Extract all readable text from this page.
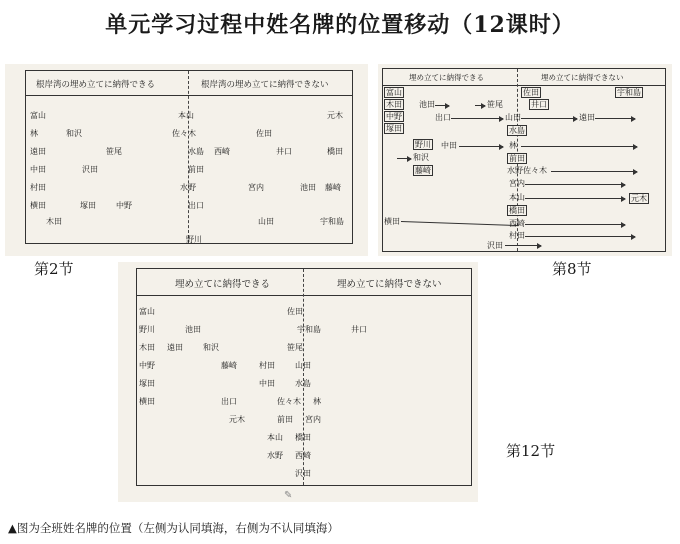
单元学习过程中姓名牌的位置移动（12课时）
根岸湾の埋め立てに納得できる	根岸湾の埋め立てに納得できない
富山	本山	元木
林	和沢	佐々木	佐田
遠田	笹尾	水島 西崎	井口	橋田
中田	沢田	前田
村田	水野	宮内	池田 藤崎
横田	塚田	中野	出口
木田	山田	宇和島
野川
第2节
埋め立てに納得できる	埋め立てに納得できない
富山
木田
中野
塚田
池田
出口
笹尾
佐田
井口
宇和島
山田	遠田
水島
野川 中田	林
和沢
藤崎
前田
水野 佐々木
宮内
本山
橋田
元木
横田	西崎
村田
沢田
第8节
埋め立てに納得できる	埋め立てに納得できない
富山	佐田
野川	池田	宇和島	井口
木田 遠田	和沢	笹尾
中野	藤崎	村田	山田
塚田	中田	水島
横田	出口	佐々木 林
元木	前田 宮内
本山 橋田
水野 西崎
沢田
✎
第12节
▲图为全班姓名牌的位置（左侧为认同填海，右侧为不认同填海）
